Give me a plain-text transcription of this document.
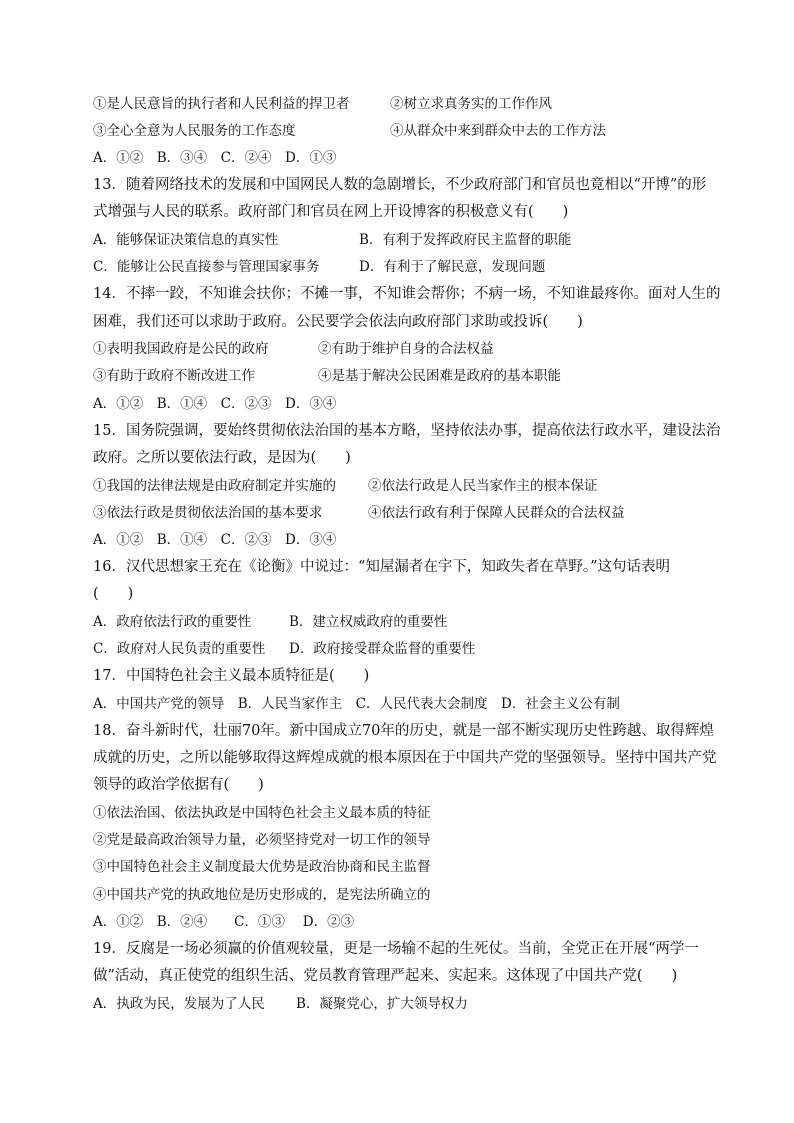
①是人民意旨的执行者和人民利益的捍卫者	②树立求真务实的工作作风
③全心全意为人民服务的工作态度	④从群众中来到群众中去的工作方法
A．①②　B．③④　C．②④　D．①③
13．随着网络技术的发展和中国网民人数的急剧增长，不少政府部门和官员也竟相以“开博”的形
式增强与人民的联系。政府部门和官员在网上开设博客的积极意义有(　　)
A．能够保证决策信息的真实性	B．有利于发挥政府民主监督的职能
C．能够让公民直接参与管理国家事务	D．有利于了解民意，发现问题
14．不摔一跤，不知谁会扶你；不摊一事，不知谁会帮你；不病一场，不知谁最疼你。面对人生的
困难，我们还可以求助于政府。公民要学会依法向政府部门求助或投诉(　　)
①表明我国政府是公民的政府	②有助于维护自身的合法权益
③有助于政府不断改进工作	④是基于解决公民困难是政府的基本职能
A．①②　B．①④　C．②③　D．③④
15．国务院强调，要始终贯彻依法治国的基本方略，坚持依法办事，提高依法行政水平，建设法治
政府。之所以要依法行政，是因为(　　)
①我国的法律法规是由政府制定并实施的 ②依法行政是人民当家作主的根本保证
③依法行政是贯彻依法治国的基本要求	④依法行政有利于保障人民群众的合法权益
A．①②　B．①④　C．②③　D．③④
16．汉代思想家王充在《论衡》中说过：“知屋漏者在宇下，知政失者在草野。”这句话表明
(　　)
A．政府依法行政的重要性	B．建立权威政府的重要性
C．政府对人民负责的重要性 D．政府接受群众监督的重要性
17．中国特色社会主义最本质特征是(　　)
A．中国共产党的领导　B．人民当家作主　C．人民代表大会制度　D．社会主义公有制
18．奋斗新时代，壮丽70年。新中国成立70年的历史，就是一部不断实现历史性跨越、取得辉煌
成就的历史，之所以能够取得这辉煌成就的根本原因在于中国共产党的坚强领导。坚持中国共产党
领导的政治学依据有(　　)
①依法治国、依法执政是中国特色社会主义最本质的特征
②党是最高政治领导力量，必须坚持党对一切工作的领导
③中国特色社会主义制度最大优势是政治协商和民主监督
④中国共产党的执政地位是历史形成的，是宪法所确立的
A．①②　B．②④　　C．①③　 D．②③
19．反腐是一场必须赢的价值观较量，更是一场输不起的生死仗。当前，全党正在开展“两学一
做”活动，真正使党的组织生活、党员教育管理严起来、实起来。这体现了中国共产党(　　)
A．执政为民，发展为了人民 B．凝聚党心，扩大领导权力
